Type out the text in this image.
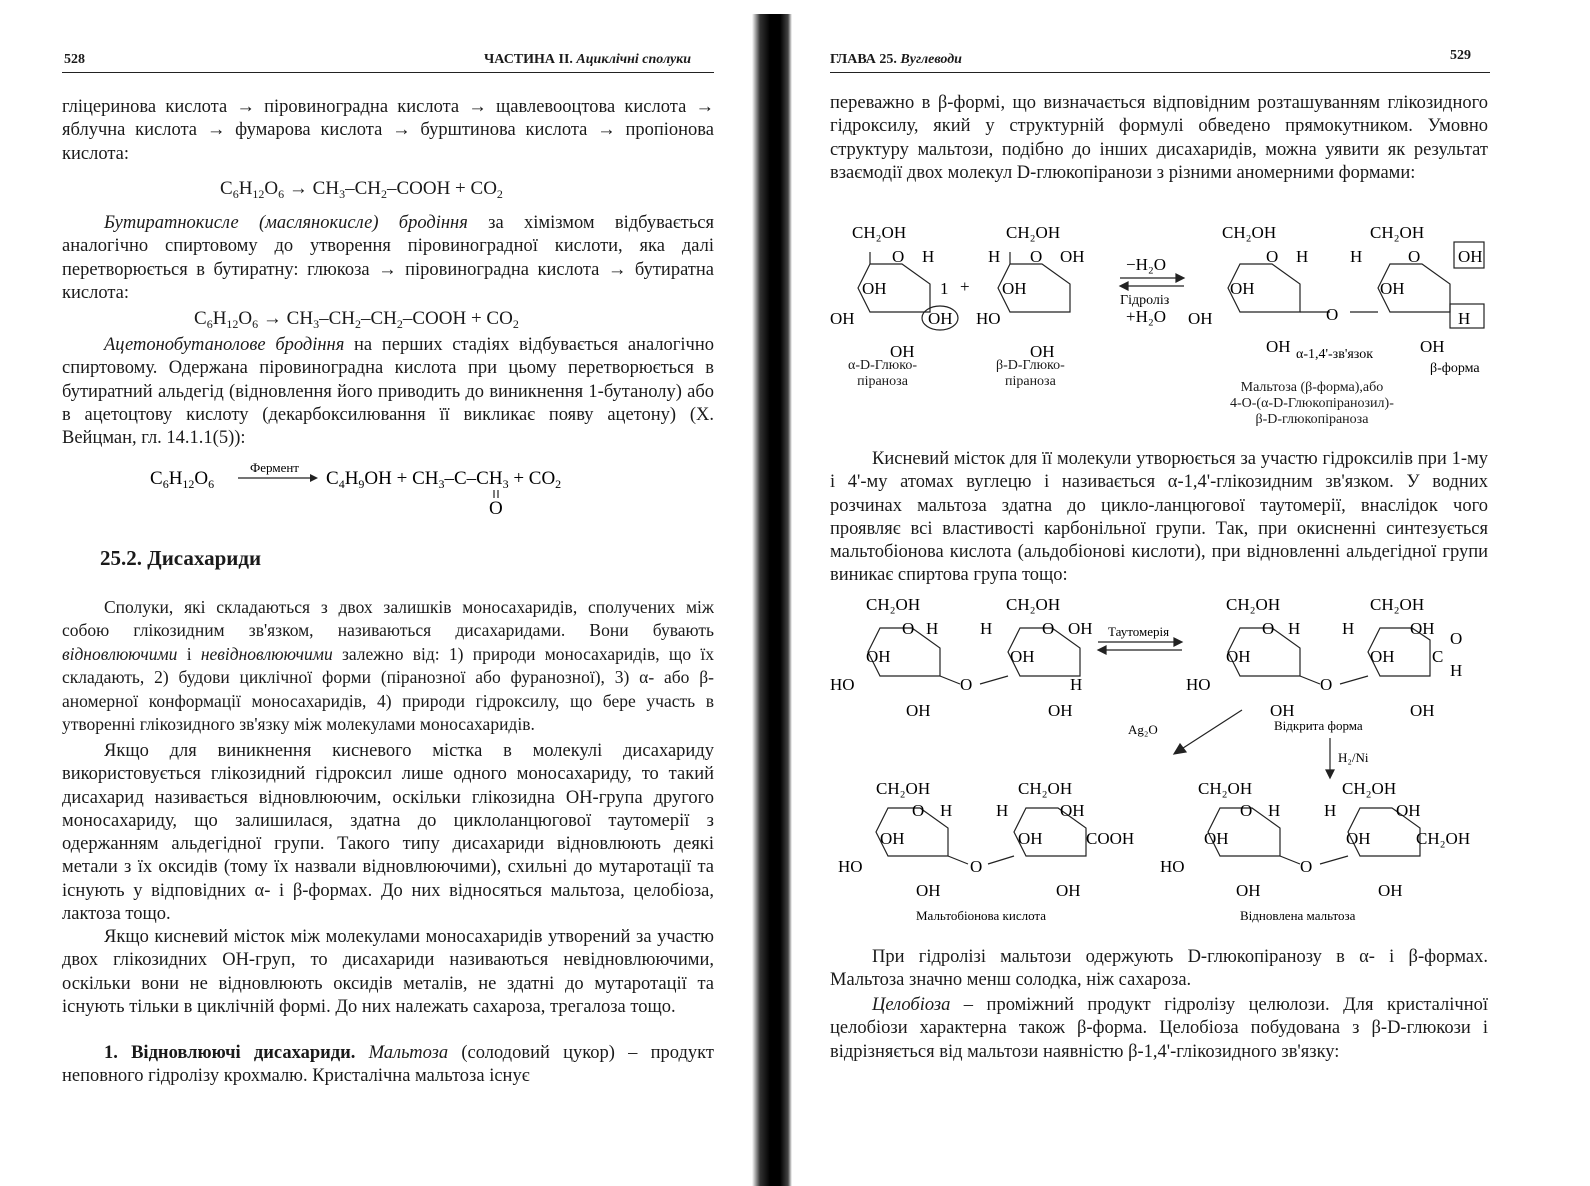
528	ЧАСТИНА ІІ. Ациклічні сполуки

гліцеринова кислота → піровиноградна кислота → щавлевооцтова кислота → яблучна кислота → фумарова кислота → бурштинова кислота → пропіонова кислота:

$C_6H_{12}O_6$ → $CH_3-CH_2$–COOH + $CO_2$

Бутиратнокисле (маслянокисле) бродіння за хімізмом відбувається аналогічно спиртовому до утворення піровиноградної кислоти, яка далі перетворюється в бутиратну: глюкоза → піровиноградна кислота → бутиратна кислота:

$C_6H_{12}O_6$ → $CH_3-CH_2-CH_2$–COOH + $CO_2$

Ацетонобутанолове бродіння на перших стадіях відбувається аналогічно спиртовому. Одержана піровиноградна кислота при цьому перетворюється в бутиратний альдегід (відновлення його приводить до виникнення 1-бутанолу) або в ацетоцтову кислоту (декарбоксилювання її викликає появу ацетону) (Х. Вейцман, гл. 14.1.1(5)):

$C_6H_{12}O_6$
Фермент
$C_4H_9OH + CH_3-C-CH_3 + CO_2$
O
25.2. Дисахариди

Сполуки, які складаються з двох залишків моносахаридів, сполучених між собою глікозидним зв'язком, називаються дисахаридами. Вони бувають відновлюючими і невідновлюючими залежно від: 1) природи моносахаридів, що їх складають, 2) будови циклічної форми (піранозної або фуранозної), 3) α- або β-аномерної конформації моносахаридів, 4) природи гідроксилу, що бере участь в утворенні глікозидного зв'язку між молекулами моносахаридів.

Якщо для виникнення кисневого містка в молекулі дисахариду використовується глікозидний гідроксил лише одного моносахариду, то такий дисахарид називається відновлюючим, оскільки глікозидна ОН-група другого моносахариду, що залишилася, здатна до циклоланцюгової таутомерії з одержанням альдегідної групи. Такого типу дисахариди відновлюють деякі метали з їх оксидів (тому їх назвали відновлюючими), схильні до мутаротації та існують у відповідних α- і β-формах. До них відносяться мальтоза, целобіоза, лактоза тощо.

Якщо кисневий місток між молекулами моносахаридів утворений за участю двох глікозидних ОН-груп, то дисахариди називаються невідновлюючими, оскільки вони не відновлюють оксидів металів, не здатні до мутаротації та існують тільки в циклічній формі. До них належать сахароза, трегалоза тощо.

1. Відновлюючі дисахариди. Мальтоза (солодовий цукор) – продукт неповного гідролізу крохмалю. Кристалічна мальтоза існує

ГЛАВА 25. Вуглеводи	529

переважно в β-формі, що визначається відповідним розташуванням глікозидного гідроксилу, який у структурній формулі обведено прямокутником. Умовно структуру мальтози, подібно до інших дисахаридів, можна уявити як результат взаємодії двох молекул D-глюкопіранози з різними аномерними формами:

CH₂OH	CH₂OH
O H
OH
OH	OH
1
OH
+
H O OH
OH
HO
OH
−H₂O
Гідроліз
+H₂O
CH₂OH	CH₂OH
O H
OH
OH	O
OH
H	O OH
OH
H
OH
α-1,4'-зв'язок
β-форма
α-D-Глюко-
піраноза
β-D-Глюко-
піраноза	Мальтоза (β-форма),або
4-О-(α-D-Глюкопіранозил)-
β-D-глюкопіраноза

Кисневий місток для її молекули утворюється за участю гідроксилів при 1-му і 4'-му атомах вуглецю і називається α-1,4'-глікозидним зв'язком. У водних розчинах мальтоза здатна до цикло-ланцюгової таутомерії, внаслідок чого проявляє всі властивості карбонільної групи. Так, при окисненні синтезується мальтобіонова кислота (альдобіонові кислоти), при відновленні альдегідної групи виникає спиртова група тощо:

CH₂OH	CH₂OH
O H H	O OH
OH	OH
HO	O	H
OH	OH
Таутомерія
CH₂OH	CH₂OH
O H H	OH
OH	OH C
O
H
HO	O
OH	OH
Відкрита форма
Ag₂O
H₂/Ni
CH₂OH	CH₂OH
O H	H	OH
OH	OH	COOH
HO	O
OH	OH
CH₂OH	CH₂OH
O H	H	OH
OH	OH	CH₂OH
HO	O
OH	OH
Мальтобіонова кислота	Відновлена мальтоза

При гідролізі мальтози одержують D-глюкопіранозу в α- і β-формах. Мальтоза значно менш солодка, ніж сахароза.

Целобіоза – проміжний продукт гідролізу целюлози. Для кристалічної целобіози характерна також β-форма. Целобіоза побудована з β-D-глюкози і відрізняється від мальтози наявністю β-1,4'-глікозидного зв'язку:
